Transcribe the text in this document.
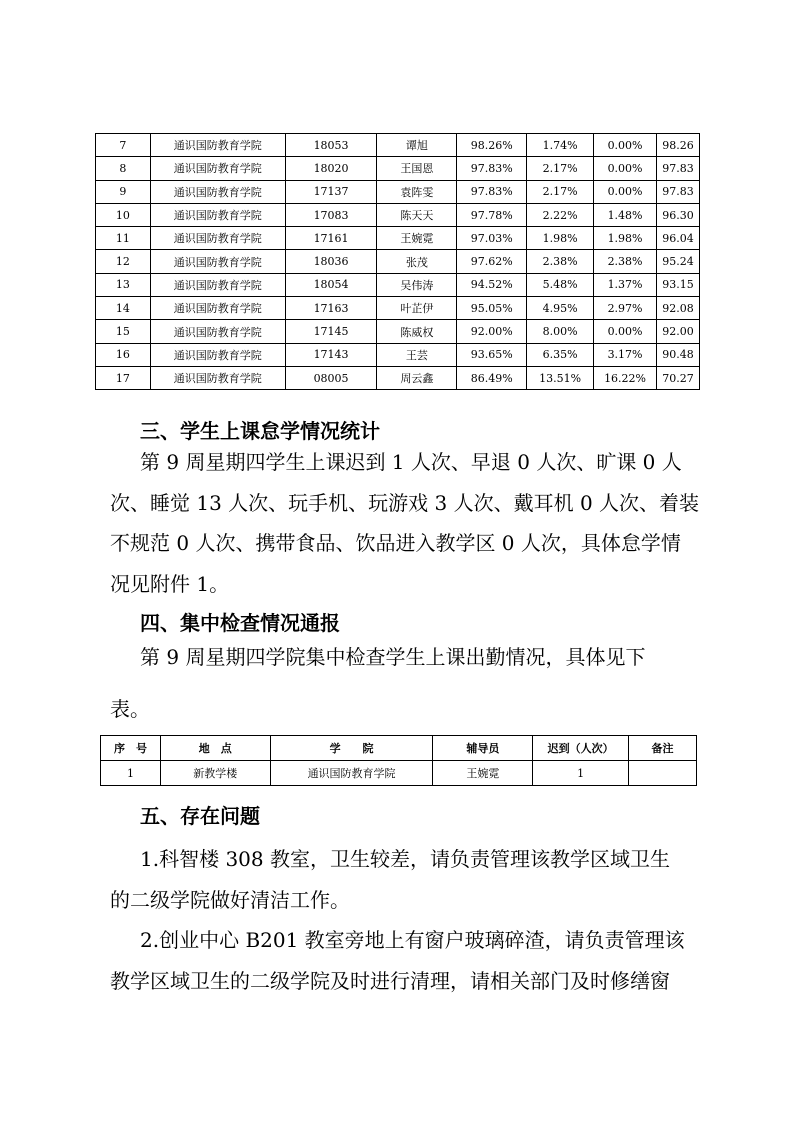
7	通识国防教育学院	18053	谭旭	98.26%	1.74%	0.00%	98.26
8	通识国防教育学院	18020	王国恩	97.83%	2.17%	0.00%	97.83
9	通识国防教育学院	17137	袁阵雯	97.83%	2.17%	0.00%	97.83
10	通识国防教育学院	17083	陈天天	97.78%	2.22%	1.48%	96.30
11	通识国防教育学院	17161	王婉霓	97.03%	1.98%	1.98%	96.04
12	通识国防教育学院	18036	张茂	97.62%	2.38%	2.38%	95.24
13	通识国防教育学院	18054	吴伟涛	94.52%	5.48%	1.37%	93.15
14	通识国防教育学院	17163	叶芷伊	95.05%	4.95%	2.97%	92.08
15	通识国防教育学院	17145	陈威权	92.00%	8.00%	0.00%	92.00
16	通识国防教育学院	17143	王芸	93.65%	6.35%	3.17%	90.48
17	通识国防教育学院	08005	周云鑫	86.49%	13.51%	16.22%	70.27
三、学生上课怠学情况统计
第 9 周星期四学生上课迟到 1 人次、早退 0 人次、旷课 0 人
次、睡觉 13 人次、玩手机、玩游戏 3 人次、戴耳机 0 人次、着装
不规范 0 人次、携带食品、饮品进入教学区 0 人次，具体怠学情
况见附件 1。
四、集中检查情况通报
第 9 周星期四学院集中检查学生上课出勤情况，具体见下
表。
序　号	地　点	学　　院	辅导员	迟到（人次）	备注
1	新教学楼	通识国防教育学院	王婉霓	1	
五、存在问题
1.科智楼 308 教室，卫生较差，请负责管理该教学区域卫生
的二级学院做好清洁工作。
2.创业中心 B201 教室旁地上有窗户玻璃碎渣，请负责管理该
教学区域卫生的二级学院及时进行清理，请相关部门及时修缮窗
